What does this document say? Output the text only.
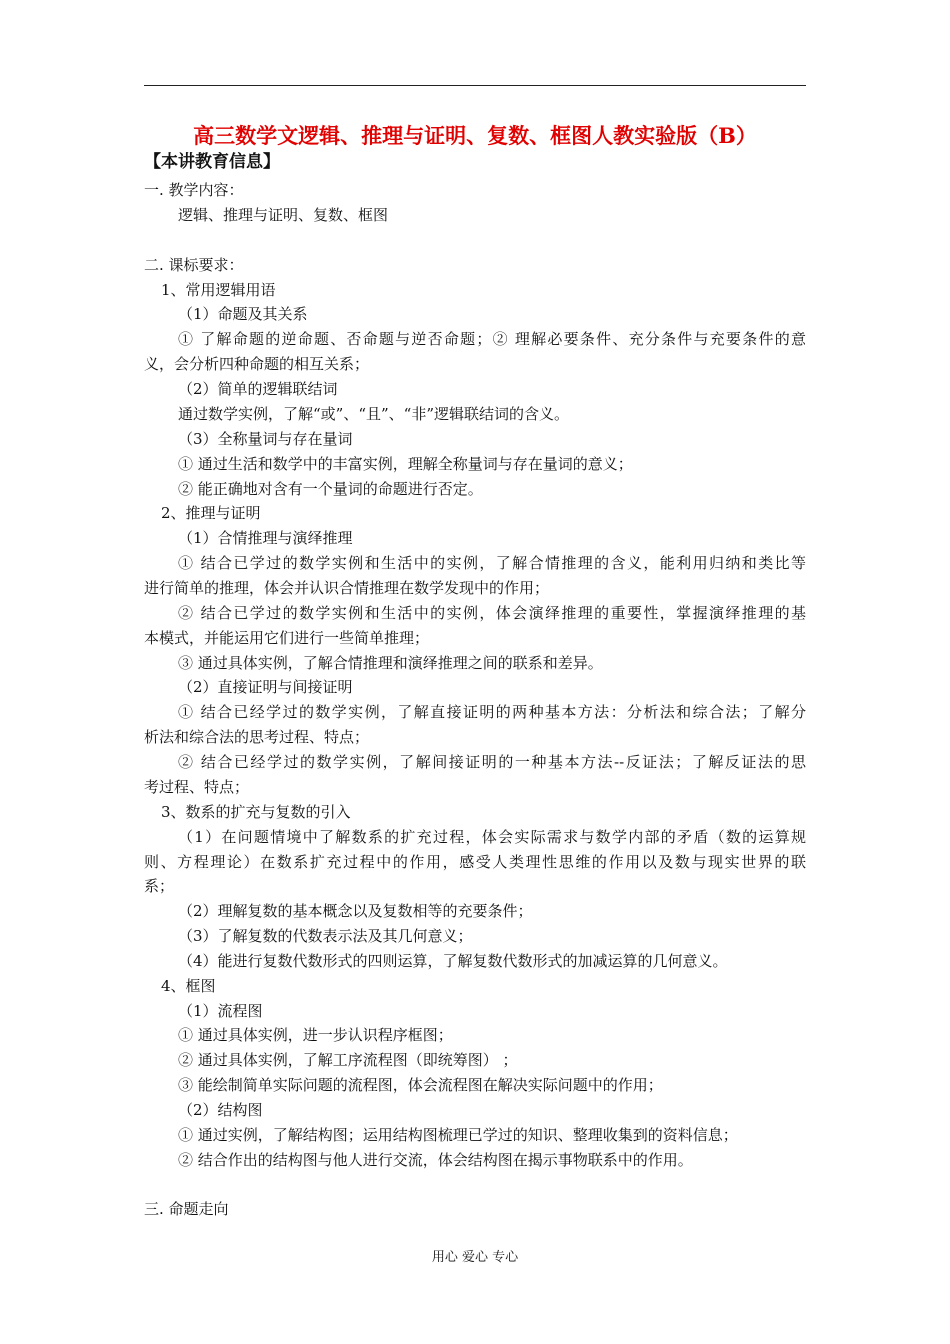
高三数学文逻辑、推理与证明、复数、框图人教实验版（B）
【本讲教育信息】
一. 教学内容：
逻辑、推理与证明、复数、框图
二. 课标要求：
1、常用逻辑用语
（1）命题及其关系
① 了解命题的逆命题、否命题与逆否命题；② 理解必要条件、充分条件与充要条件的意
义，会分析四种命题的相互关系；
（2）简单的逻辑联结词
通过数学实例，了解“或”、“且”、“非”逻辑联结词的含义。
（3）全称量词与存在量词
① 通过生活和数学中的丰富实例，理解全称量词与存在量词的意义；
② 能正确地对含有一个量词的命题进行否定。
2、推理与证明
（1）合情推理与演绎推理
① 结合已学过的数学实例和生活中的实例，了解合情推理的含义，能利用归纳和类比等
进行简单的推理，体会并认识合情推理在数学发现中的作用；
② 结合已学过的数学实例和生活中的实例，体会演绎推理的重要性，掌握演绎推理的基
本模式，并能运用它们进行一些简单推理；
③ 通过具体实例，了解合情推理和演绎推理之间的联系和差异。
（2）直接证明与间接证明
① 结合已经学过的数学实例，了解直接证明的两种基本方法：分析法和综合法；了解分
析法和综合法的思考过程、特点；
② 结合已经学过的数学实例，了解间接证明的一种基本方法--反证法；了解反证法的思
考过程、特点；
3、数系的扩充与复数的引入
（1）在问题情境中了解数系的扩充过程，体会实际需求与数学内部的矛盾（数的运算规
则、方程理论）在数系扩充过程中的作用，感受人类理性思维的作用以及数与现实世界的联
系；
（2）理解复数的基本概念以及复数相等的充要条件；
（3）了解复数的代数表示法及其几何意义；
（4）能进行复数代数形式的四则运算，了解复数代数形式的加减运算的几何意义。
4、框图
（1）流程图
① 通过具体实例，进一步认识程序框图；
② 通过具体实例，了解工序流程图（即统筹图） ；
③ 能绘制简单实际问题的流程图，体会流程图在解决实际问题中的作用；
（2）结构图
① 通过实例，了解结构图；运用结构图梳理已学过的知识、整理收集到的资料信息；
② 结合作出的结构图与他人进行交流，体会结构图在揭示事物联系中的作用。
三. 命题走向
用心 爱心 专心
